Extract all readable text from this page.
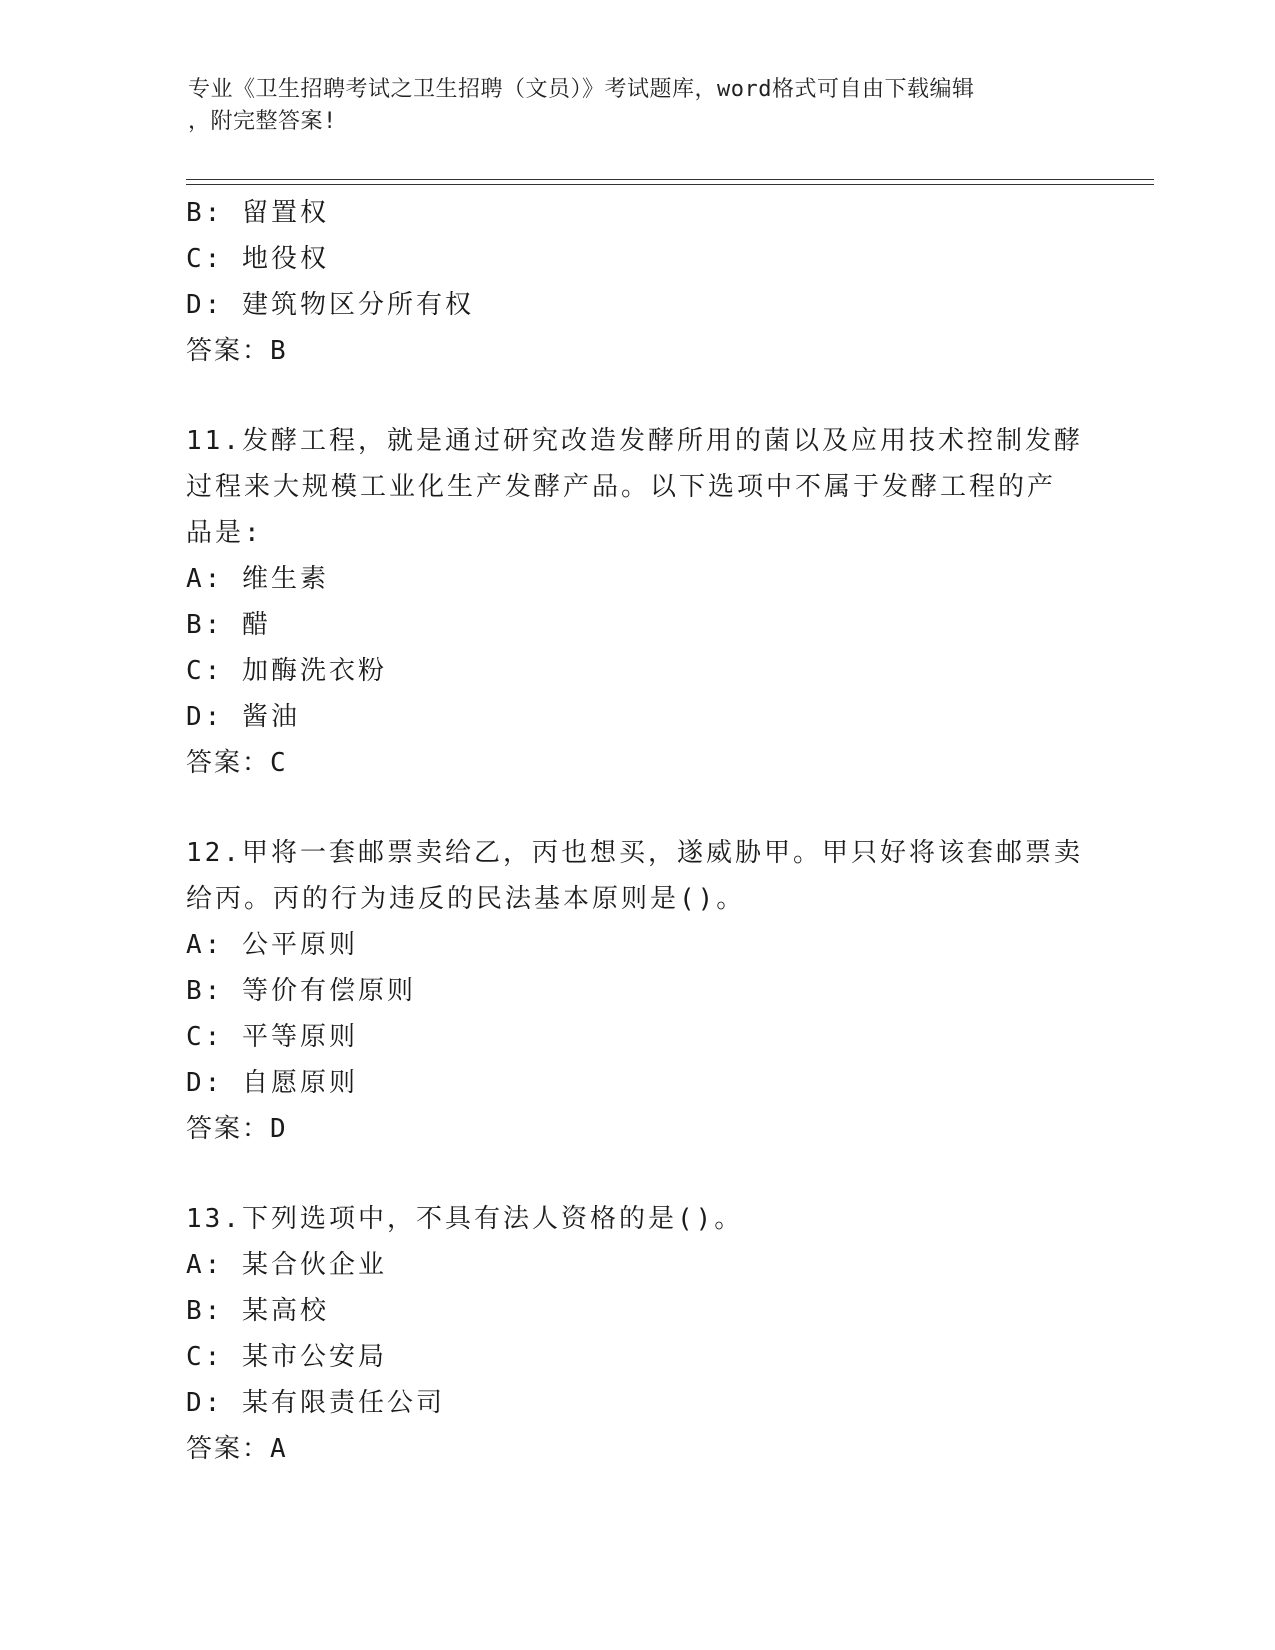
专业《卫生招聘考试之卫生招聘（文员）》考试题库，word格式可自由下载编辑
，附完整答案!
B: 留置权
C: 地役权
D: 建筑物区分所有权
答案：B
11.发酵工程，就是通过研究改造发酵所用的菌以及应用技术控制发酵
过程来大规模工业化生产发酵产品。以下选项中不属于发酵工程的产
品是:
A: 维生素
B: 醋
C: 加酶洗衣粉
D: 酱油
答案：C
12.甲将一套邮票卖给乙，丙也想买，遂威胁甲。甲只好将该套邮票卖
给丙。丙的行为违反的民法基本原则是()。
A: 公平原则
B: 等价有偿原则
C: 平等原则
D: 自愿原则
答案：D
13.下列选项中，不具有法人资格的是()。
A: 某合伙企业
B: 某高校
C: 某市公安局
D: 某有限责任公司
答案：A
